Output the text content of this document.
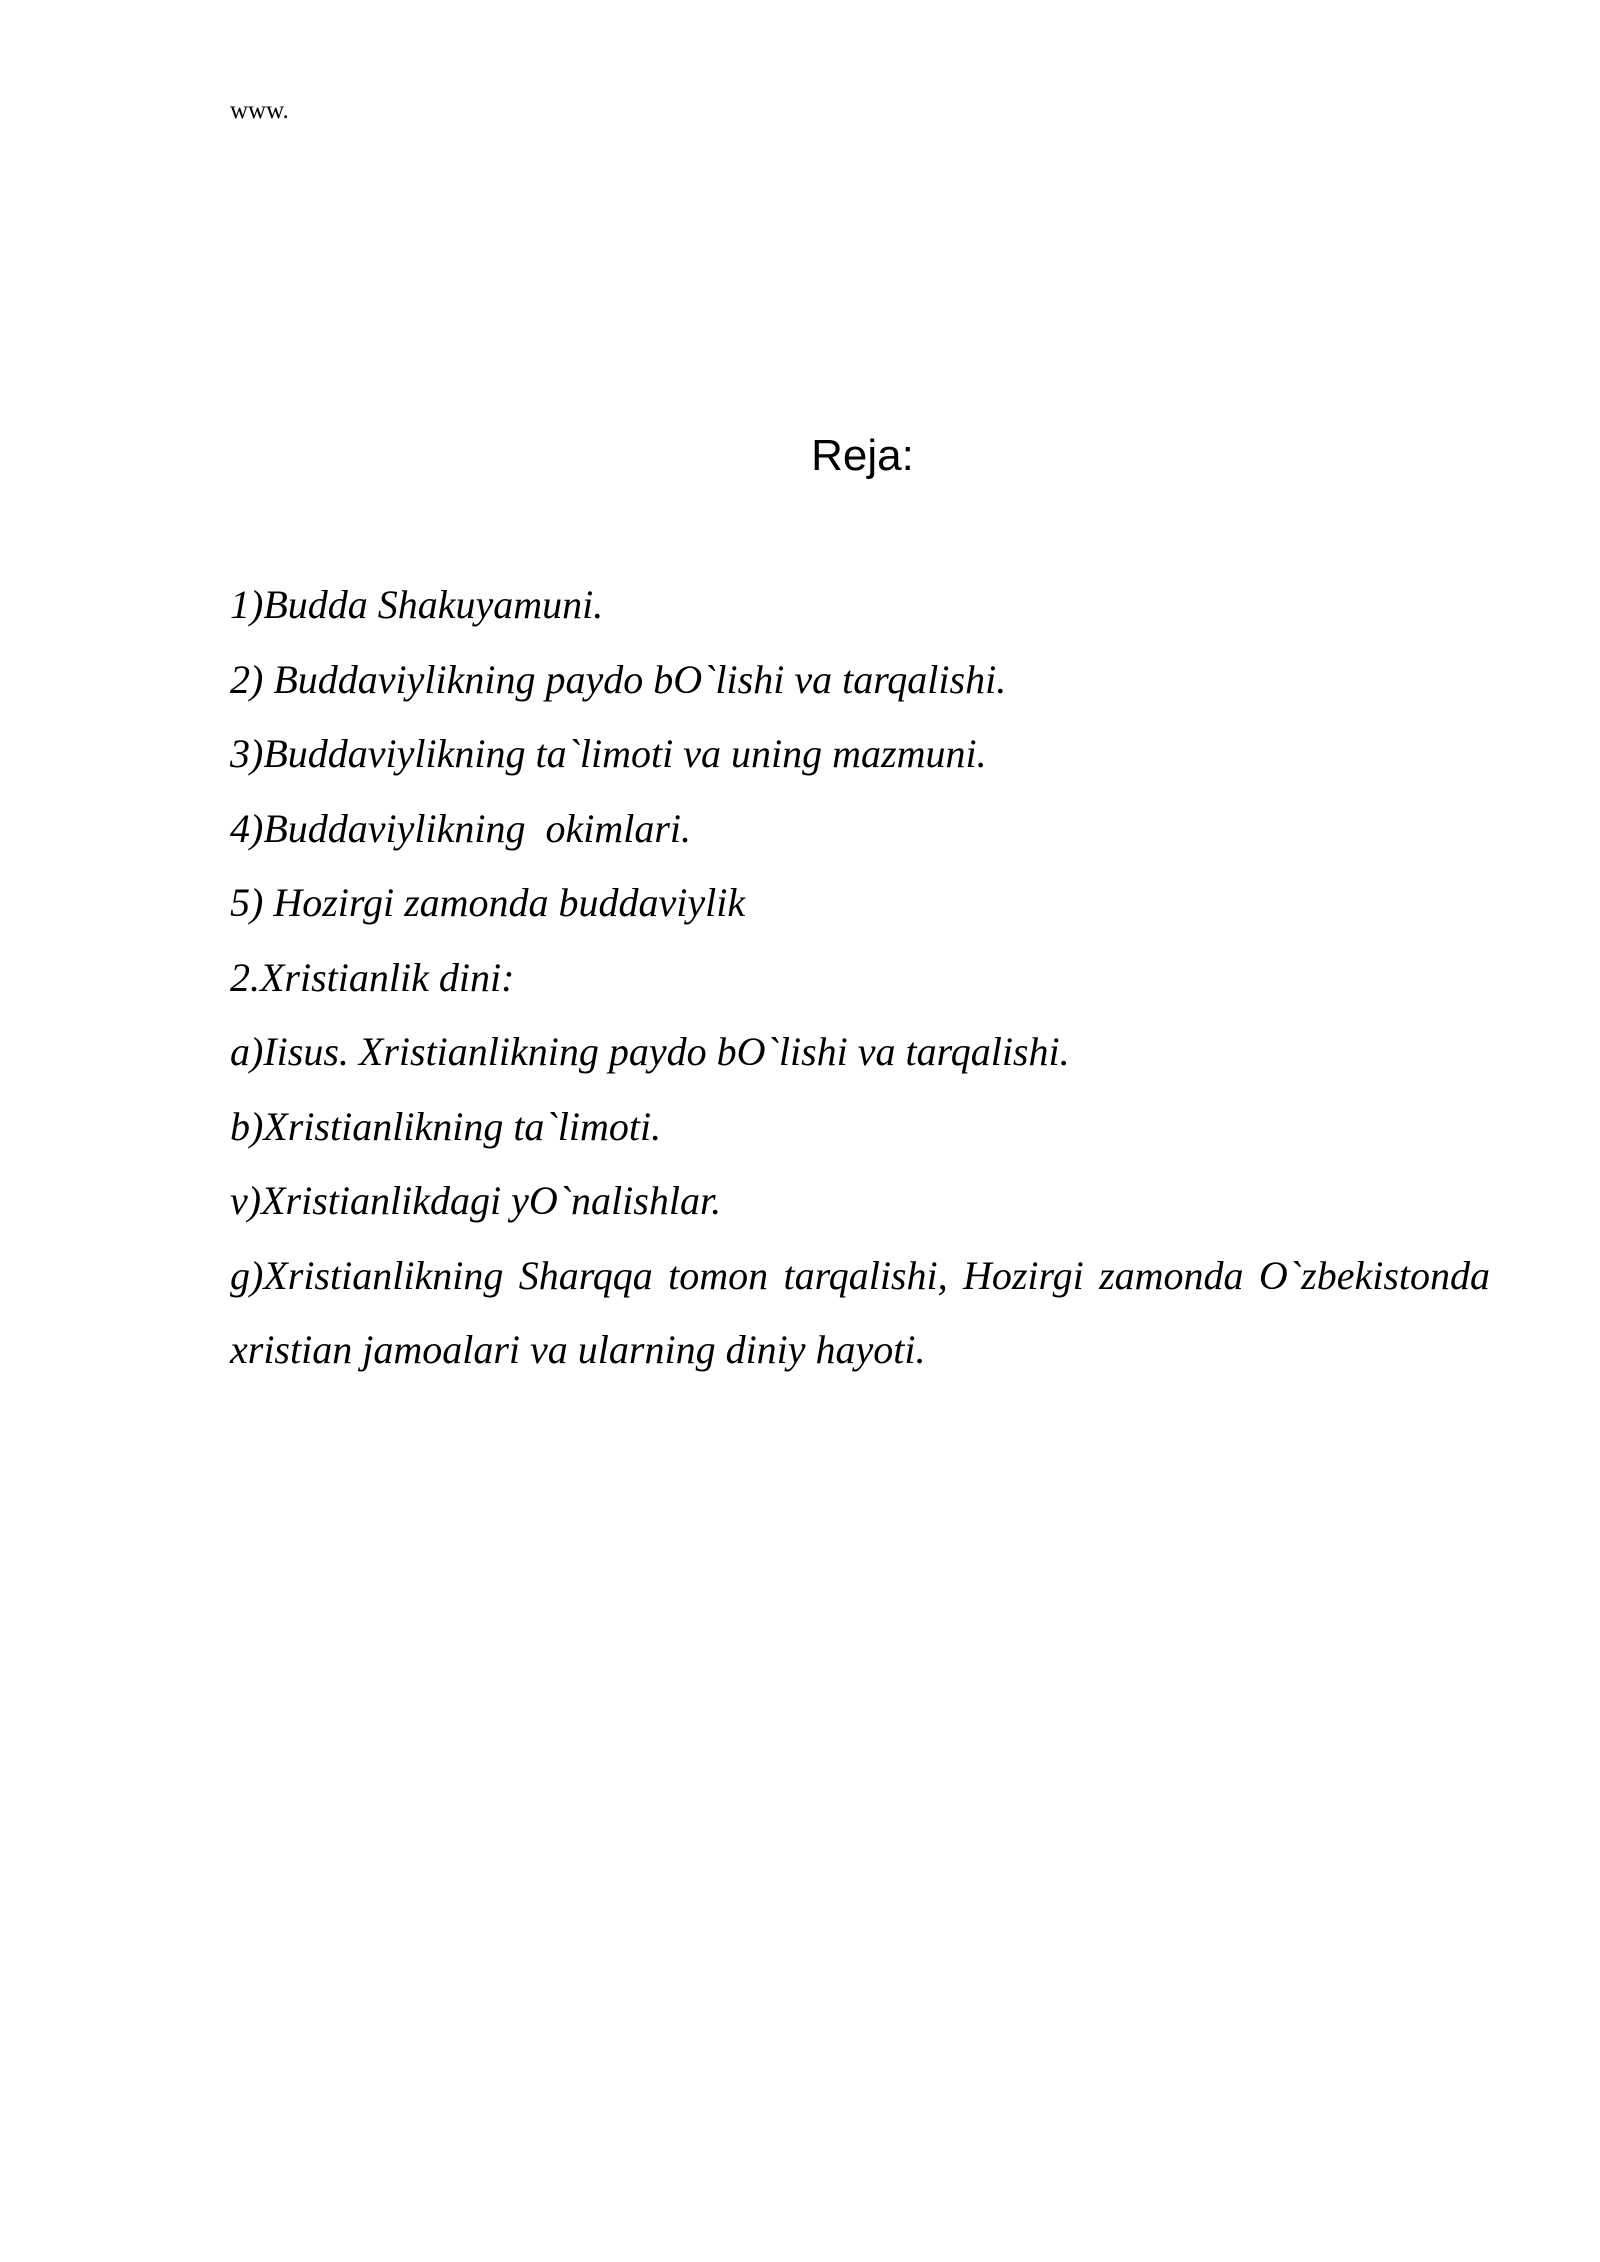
www.
Reja:
1)Budda Shakuyamuni.
2) Buddaviylikning paydo bO`lishi va tarqalishi.
3)Buddaviylikning ta`limoti va uning mazmuni.
4)Buddaviylikning  okimlari.
5) Hozirgi zamonda buddaviylik
2.Xristianlik dini:
a)Iisus. Xristianlikning paydo bO`lishi va tarqalishi.
b)Xristianlikning ta`limoti.
v)Xristianlikdagi yO`nalishlar.
g)Xristianlikning Sharqqa tomon tarqalishi, Hozirgi zamonda O`zbekistonda xristian jamoalari va ularning diniy hayoti.
